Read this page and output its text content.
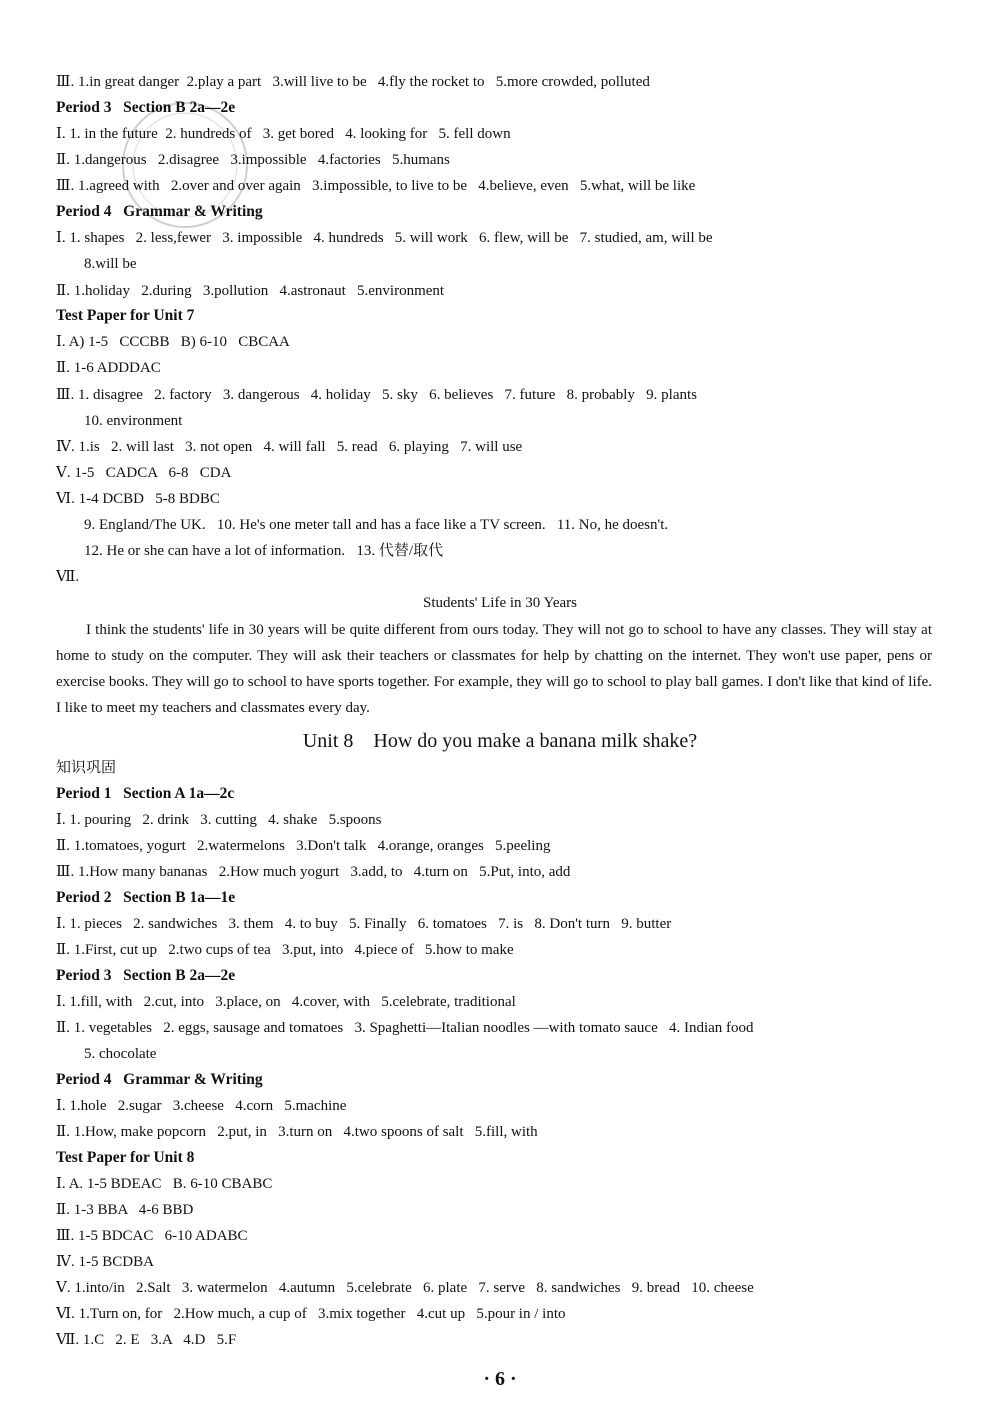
Ⅲ. 1.in great danger  2.play a part   3.will live to be   4.fly the rocket to   5.more crowded, polluted
Period 3   Section B 2a—2e
Ⅰ. 1. in the future  2. hundreds of   3. get bored   4. looking for   5. fell down
Ⅱ. 1.dangerous   2.disagree   3.impossible   4.factories   5.humans
Ⅲ. 1.agreed with   2.over and over again   3.impossible, to live to be   4.believe, even   5.what, will be like
Period 4   Grammar & Writing
Ⅰ. 1. shapes   2. less,fewer   3. impossible   4. hundreds   5. will work   6. flew, will be   7. studied, am, will be
8.will be
Ⅱ. 1.holiday   2.during   3.pollution   4.astronaut   5.environment
Test Paper for Unit 7
Ⅰ. A) 1-5   CCCBB   B) 6-10   CBCAA
Ⅱ. 1-6 ADDDAC
Ⅲ. 1. disagree   2. factory   3. dangerous   4. holiday   5. sky   6. believes   7. future   8. probably   9. plants
10. environment
Ⅳ. 1.is   2. will last   3. not open   4. will fall   5. read   6. playing   7. will use
Ⅴ. 1-5   CADCA   6-8   CDA
Ⅵ. 1-4 DCBD   5-8 BDBC
9. England/The UK.   10. He's one meter tall and has a face like a TV screen.   11. No, he doesn't.
12. He or she can have a lot of information.   13. 代替/取代
Ⅶ.
Students' Life in 30 Years
I think the students' life in 30 years will be quite different from ours today. They will not go to school to have any classes. They will stay at home to study on the computer. They will ask their teachers or classmates for help by chatting on the internet. They won't use paper, pens or exercise books. They will go to school to have sports together. For example, they will go to school to play ball games. I don't like that kind of life. I like to meet my teachers and classmates every day.
Unit 8    How do you make a banana milk shake?
知识巩固
Period 1   Section A 1a—2c
Ⅰ. 1. pouring   2. drink   3. cutting   4. shake   5.spoons
Ⅱ. 1.tomatoes, yogurt   2.watermelons   3.Don't talk   4.orange, oranges   5.peeling
Ⅲ. 1.How many bananas   2.How much yogurt   3.add, to   4.turn on   5.Put, into, add
Period 2   Section B 1a—1e
Ⅰ. 1. pieces   2. sandwiches   3. them   4. to buy   5. Finally   6. tomatoes   7. is   8. Don't turn   9. butter
Ⅱ. 1.First, cut up   2.two cups of tea   3.put, into   4.piece of   5.how to make
Period 3   Section B 2a—2e
Ⅰ. 1.fill, with   2.cut, into   3.place, on   4.cover, with   5.celebrate, traditional
Ⅱ. 1. vegetables   2. eggs, sausage and tomatoes   3. Spaghetti—Italian noodles —with tomato sauce   4. Indian food
5. chocolate
Period 4   Grammar & Writing
Ⅰ. 1.hole   2.sugar   3.cheese   4.corn   5.machine
Ⅱ. 1.How, make popcorn   2.put, in   3.turn on   4.two spoons of salt   5.fill, with
Test Paper for Unit 8
Ⅰ. A. 1-5 BDEAC   B. 6-10 CBABC
Ⅱ. 1-3 BBA   4-6 BBD
Ⅲ. 1-5 BDCAC   6-10 ADABC
Ⅳ. 1-5 BCDBA
Ⅴ. 1.into/in   2.Salt   3. watermelon   4.autumn   5.celebrate   6. plate   7. serve   8. sandwiches   9. bread   10. cheese
Ⅵ. 1.Turn on, for   2.How much, a cup of   3.mix together   4.cut up   5.pour in / into
Ⅶ. 1.C   2. E   3.A   4.D   5.F
· 6 ·
